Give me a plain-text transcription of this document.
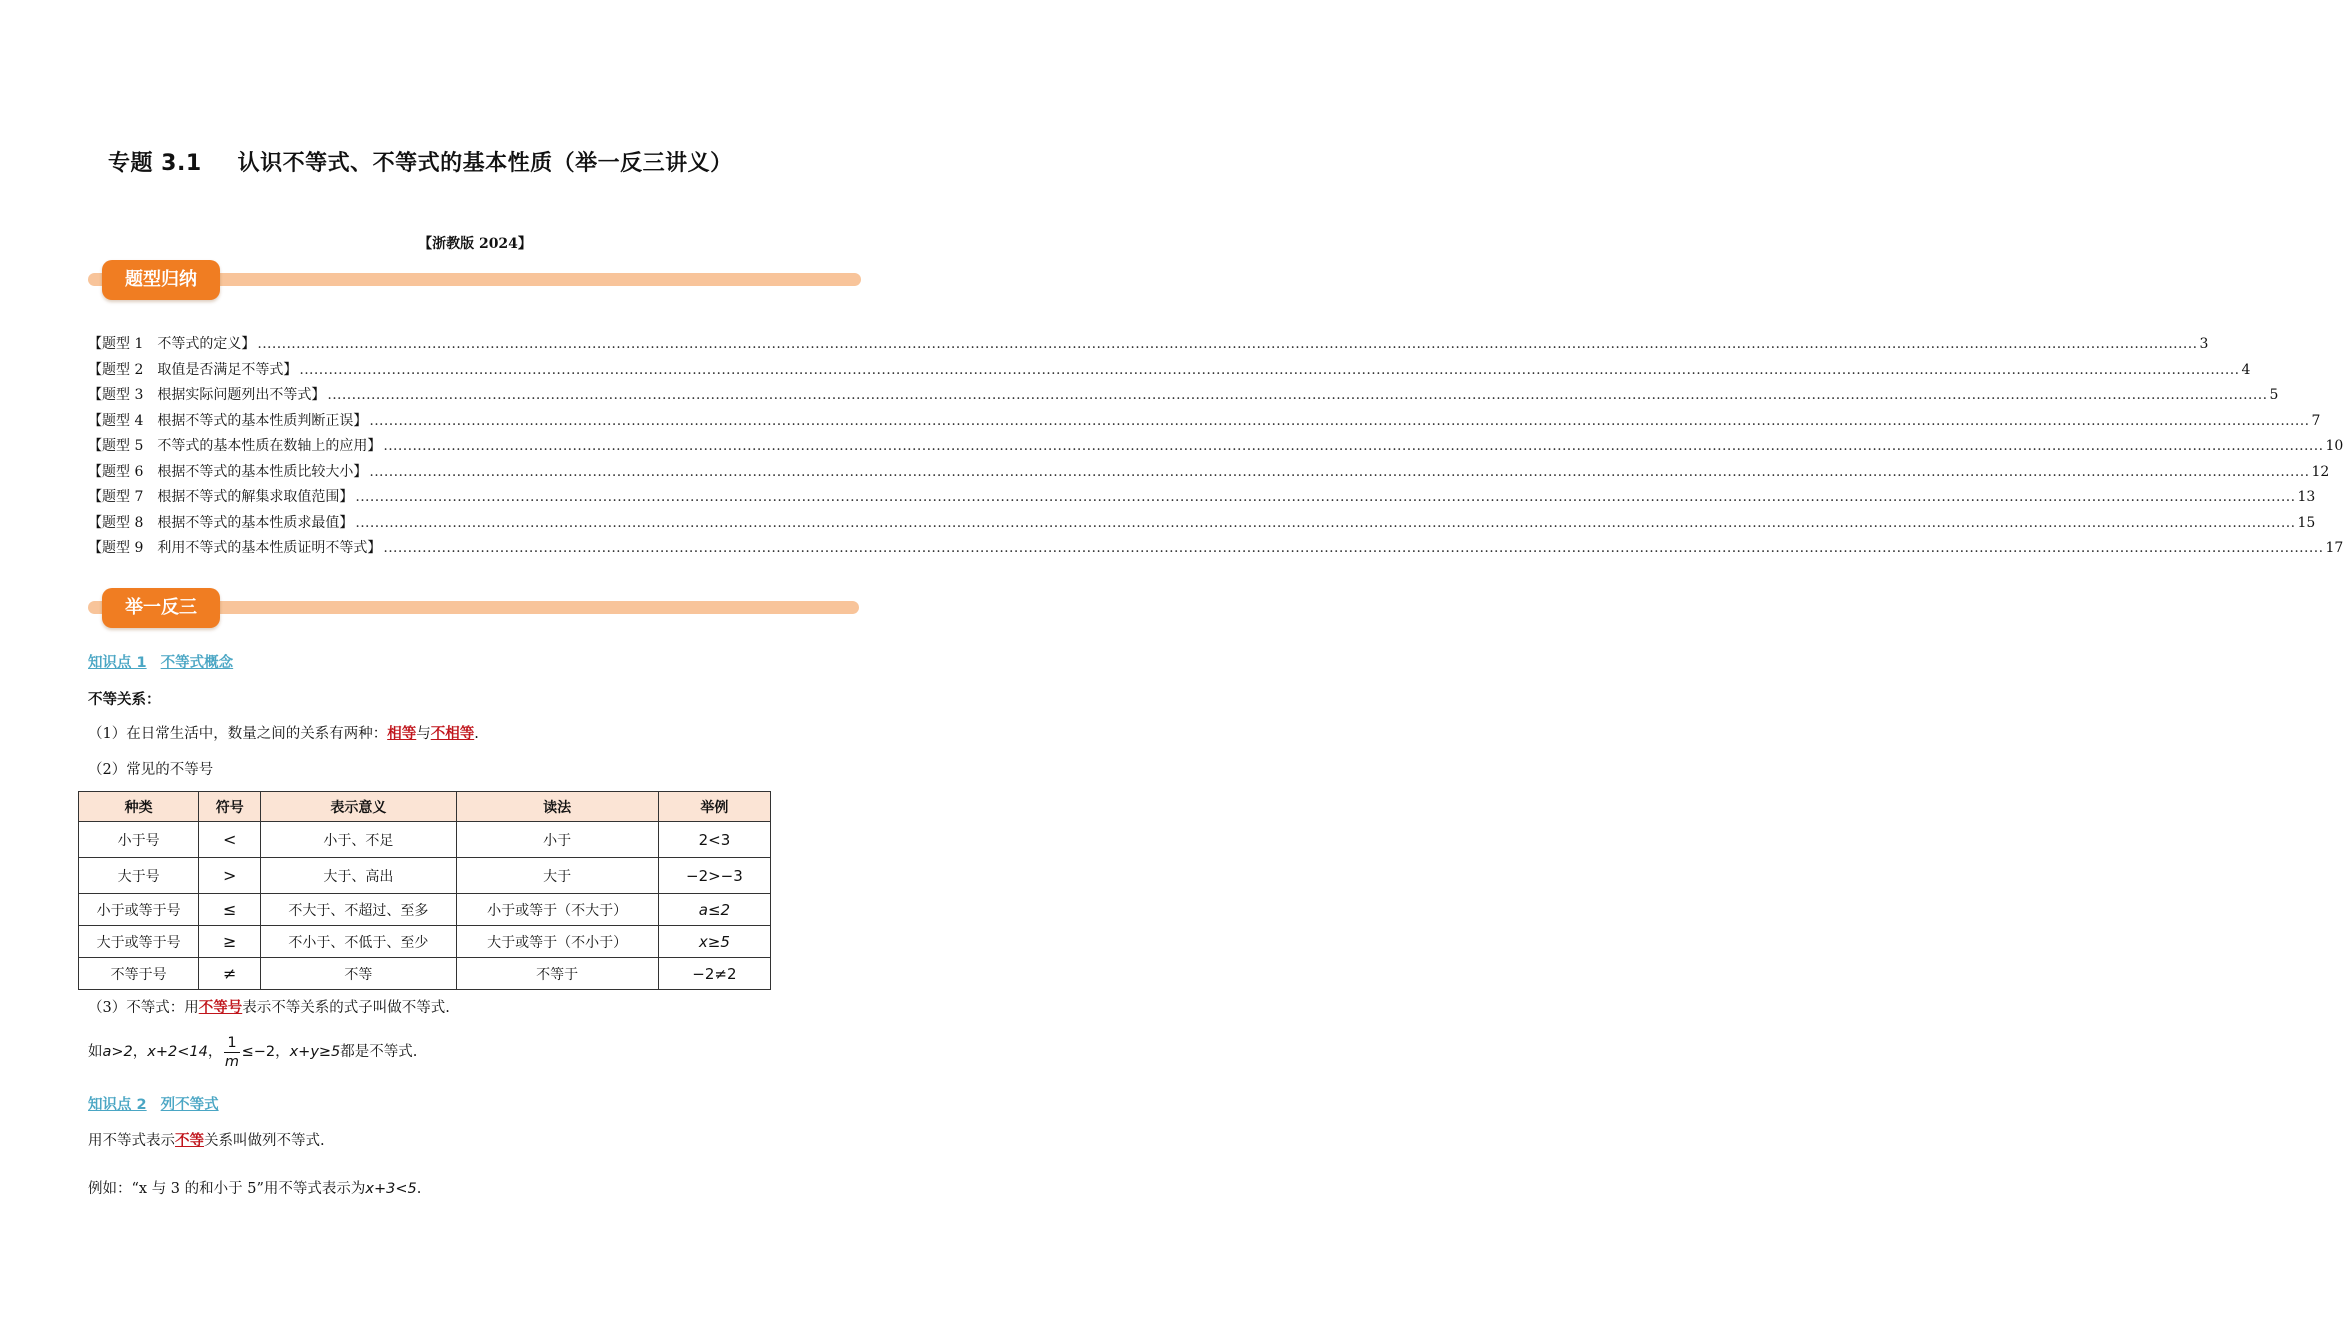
专题 3.1 认识不等式、不等式的基本性质（举一反三讲义）
【浙教版 2024】
题型归纳
【题型 1　不等式的定义】 ................................................................................................................................................................................................................................................................................................................................................................................................................ 3
【题型 2　取值是否满足不等式】 ................................................................................................................................................................................................................................................................................................................................................................................................................ 4
【题型 3　根据实际问题列出不等式】 ................................................................................................................................................................................................................................................................................................................................................................................................................ 5
【题型 4　根据不等式的基本性质判断正误】 ................................................................................................................................................................................................................................................................................................................................................................................................................ 7
【题型 5　不等式的基本性质在数轴上的应用】 ................................................................................................................................................................................................................................................................................................................................................................................................................ 10
【题型 6　根据不等式的基本性质比较大小】 ................................................................................................................................................................................................................................................................................................................................................................................................................ 12
【题型 7　根据不等式的解集求取值范围】 ................................................................................................................................................................................................................................................................................................................................................................................................................ 13
【题型 8　根据不等式的基本性质求最值】 ................................................................................................................................................................................................................................................................................................................................................................................................................ 15
【题型 9　利用不等式的基本性质证明不等式】 ................................................................................................................................................................................................................................................................................................................................................................................................................ 17
举一反三
知识点 1 不等式概念
不等关系：
（1）在日常生活中，数量之间的关系有两种：相等与不相等.
（2）常见的不等号
种类	符号	表示意义	读法	举例
小于号	<	小于、不足	小于	2<3
大于号	>	大于、高出	大于	−2>−3
小于或等于号	≤	不大于、不超过、至多	小于或等于（不大于）	a≤2
大于或等于号	≥	不小于、不低于、至少	大于或等于（不小于）	x≥5
不等于号	≠	不等	不等于	−2≠2
（3）不等式：用不等号表示不等关系的式子叫做不等式.
如a>2，x+2<14， $\frac{1}{m} \le-2$，x+y≥5都是不等式.
知识点 2 列不等式
用不等式表示不等关系叫做列不等式.
例如：“x 与 3 的和小于 5”用不等式表示为x+3<5.
